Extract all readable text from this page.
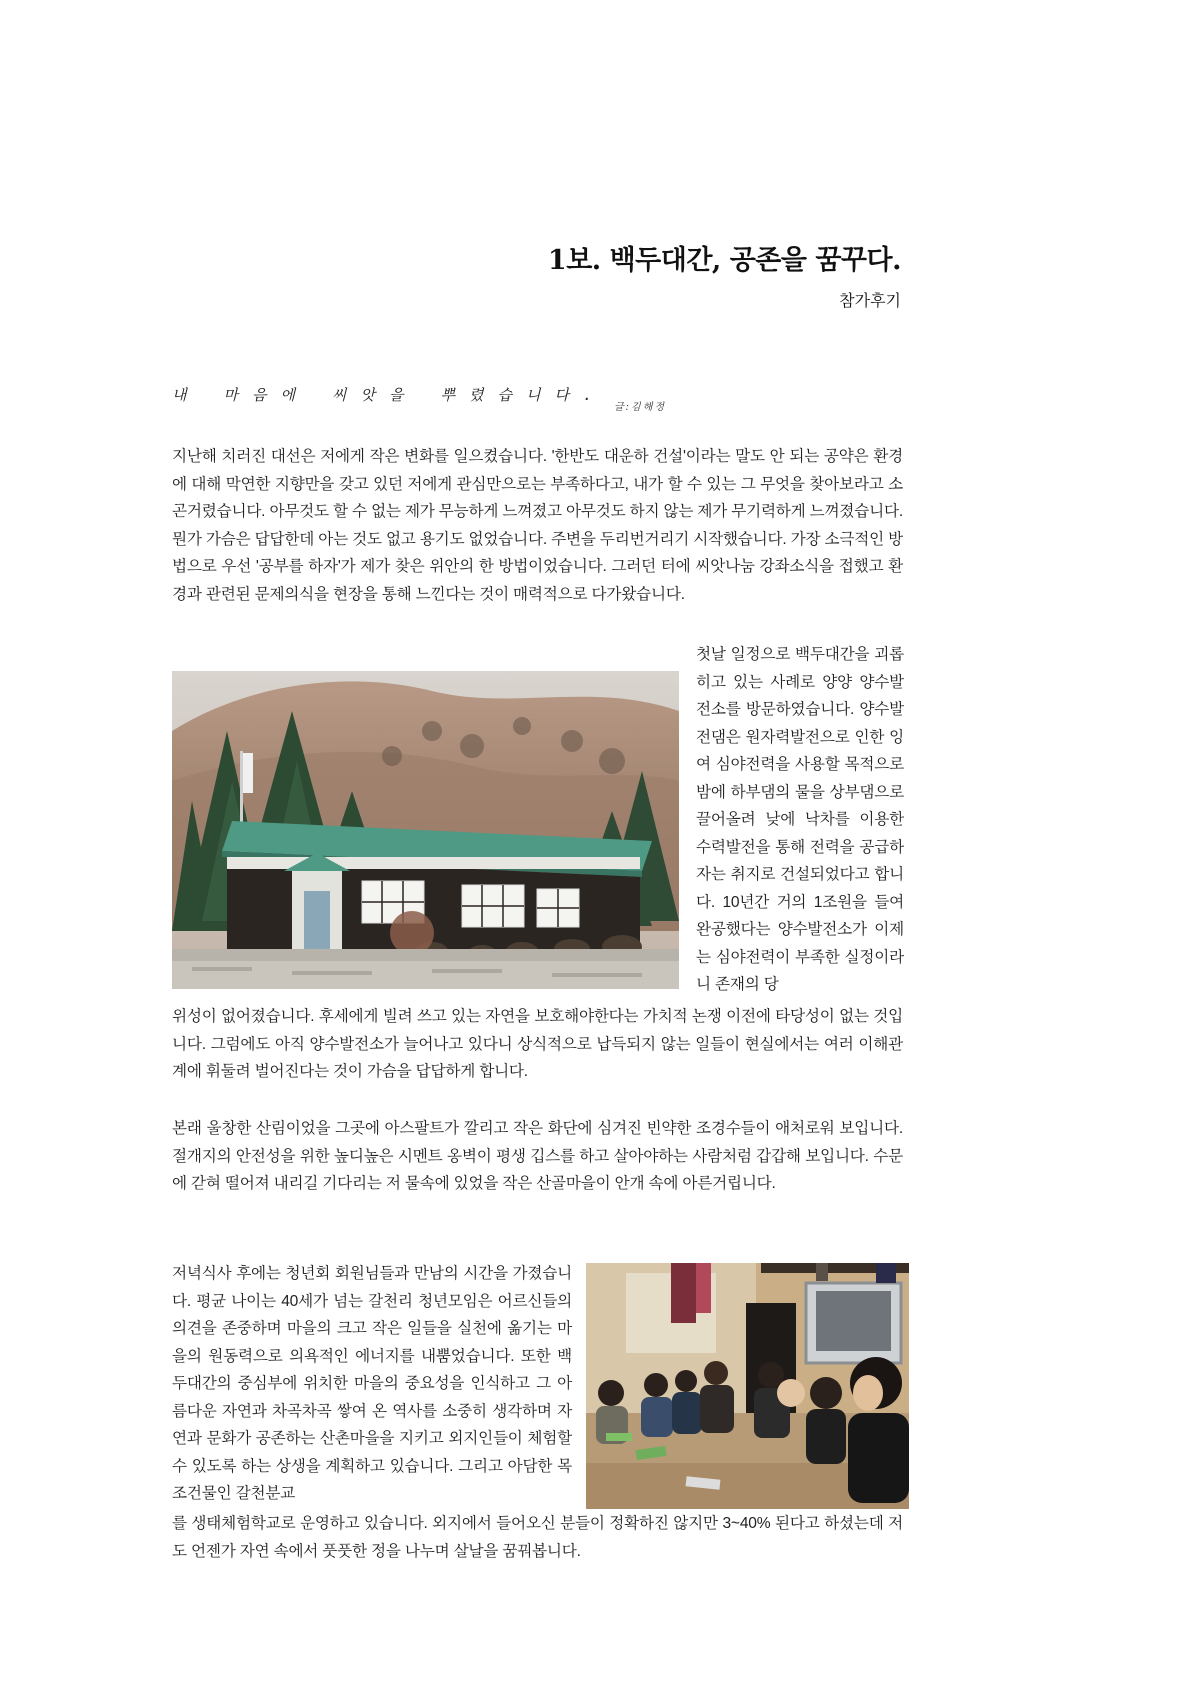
1보. 백두대간, 공존을 꿈꾸다.
참가후기
내 마음에 씨앗을 뿌렸습니다.
글:김해정

지난해 치러진 대선은 저에게 작은 변화를 일으켰습니다. '한반도 대운하 건설'이라는 말도 안 되는 공약은 환경에 대해 막연한 지향만을 갖고 있던 저에게 관심만으로는 부족하다고, 내가 할 수 있는 그 무엇을 찾아보라고 소곤거렸습니다. 아무것도 할 수 없는 제가 무능하게 느껴졌고 아무것도 하지 않는 제가 무기력하게 느껴졌습니다. 뭔가 가슴은 답답한데 아는 것도 없고 용기도 없었습니다. 주변을 두리번거리기 시작했습니다. 가장 소극적인 방법으로 우선 '공부를 하자'가 제가 찾은 위안의 한 방법이었습니다. 그러던 터에 씨앗나눔 강좌소식을 접했고 환경과 관련된 문제의식을 현장을 통해 느낀다는 것이 매력적으로 다가왔습니다.

첫날 일정으로 백두대간을 괴롭히고 있는 사례로 양양 양수발전소를 방문하였습니다. 양수발전댐은 원자력발전으로 인한 잉여 심야전력을 사용할 목적으로 밤에 하부댐의 물을 상부댐으로 끌어올려 낮에 낙차를 이용한 수력발전을 통해 전력을 공급하자는 취지로 건설되었다고 합니다. 10년간 거의 1조원을 들여 완공했다는 양수발전소가 이제는 심야전력이 부족한 실정이라니 존재의 당

위성이 없어졌습니다. 후세에게 빌려 쓰고 있는 자연을 보호해야한다는 가치적 논쟁 이전에 타당성이 없는 것입니다. 그럼에도 아직 양수발전소가 늘어나고 있다니 상식적으로 납득되지 않는 일들이 현실에서는 여러 이해관계에 휘둘려 벌어진다는 것이 가슴을 답답하게 합니다.

본래 울창한 산림이었을 그곳에 아스팔트가 깔리고 작은 화단에 심겨진 빈약한 조경수들이 애처로워 보입니다. 절개지의 안전성을 위한 높디높은 시멘트 옹벽이 평생 깁스를 하고 살아야하는 사람처럼 갑갑해 보입니다. 수문에 갇혀 떨어져 내리길 기다리는 저 물속에 있었을 작은 산골마을이 안개 속에 아른거립니다.

저녁식사 후에는 청년회 회원님들과 만남의 시간을 가졌습니다. 평균 나이는 40세가 넘는 갈천리 청년모임은 어르신들의 의견을 존중하며 마을의 크고 작은 일들을 실천에 옮기는 마을의 원동력으로 의욕적인 에너지를 내뿜었습니다. 또한 백두대간의 중심부에 위치한 마을의 중요성을 인식하고 그 아름다운 자연과 차곡차곡 쌓여 온 역사를 소중히 생각하며 자연과 문화가 공존하는 산촌마을을 지키고 외지인들이 체험할 수 있도록 하는 상생을 계획하고 있습니다. 그리고 아담한 목조건물인 갈천분교

를 생태체험학교로 운영하고 있습니다. 외지에서 들어오신 분들이 정확하진 않지만 3~40% 된다고 하셨는데 저도 언젠가 자연 속에서 풋풋한 정을 나누며 살날을 꿈꿔봅니다.
